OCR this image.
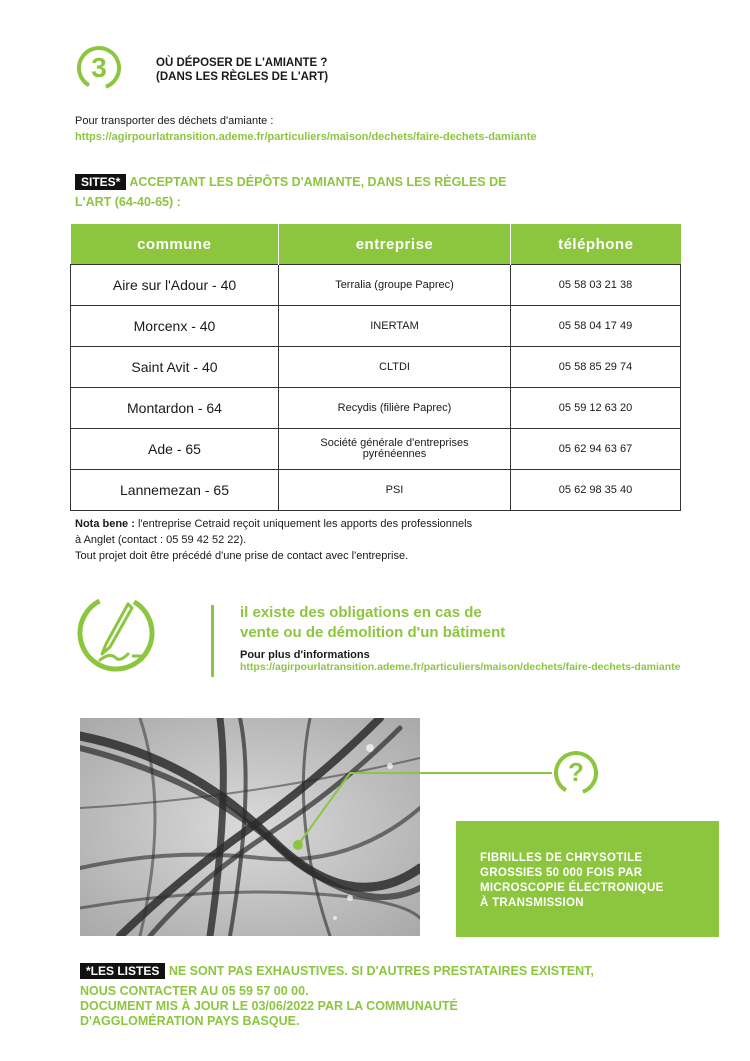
3	OÙ DÉPOSER DE L'AMIANTE ?
(DANS LES RÈGLES DE L'ART)
Pour transporter des déchets d'amiante :
https://agirpourlatransition.ademe.fr/particuliers/maison/dechets/faire-dechets-damiante
SITES* ACCEPTANT LES DÉPÔTS D'AMIANTE, DANS LES RÈGLES DE
L'ART (64-40-65) :
commune	entreprise	téléphone
Aire sur l'Adour - 40	Terralia (groupe Paprec)	05 58 03 21 38
Morcenx - 40	INERTAM	05 58 04 17 49
Saint Avit - 40	CLTDI	05 58 85 29 74
Montardon - 64	Recydis (filière Paprec)	05 59 12 63 20
Ade - 65	Société générale d'entreprises pyrénéennes	05 62 94 63 67
Lannemezan - 65	PSI	05 62 98 35 40
Nota bene : l'entreprise Cetraid reçoit uniquement les apports des professionnels
à Anglet (contact : 05 59 42 52 22).
Tout projet doit être précédé d'une prise de contact avec l'entreprise.
il existe des obligations en cas de
vente ou de démolition d'un bâtiment
Pour plus d'informations
https://agirpourlatransition.ademe.fr/particuliers/maison/dechets/faire-dechets-damiante
?
FIBRILLES DE CHRYSOTILE
GROSSIES 50 000 FOIS PAR
MICROSCOPIE ÉLECTRONIQUE
À TRANSMISSION
*LES LISTES NE SONT PAS EXHAUSTIVES. SI D'AUTRES PRESTATAIRES EXISTENT,
NOUS CONTACTER AU 05 59 57 00 00.
DOCUMENT MIS À JOUR LE 03/06/2022 PAR LA COMMUNAUTÉ
D'AGGLOMÉRATION PAYS BASQUE.
